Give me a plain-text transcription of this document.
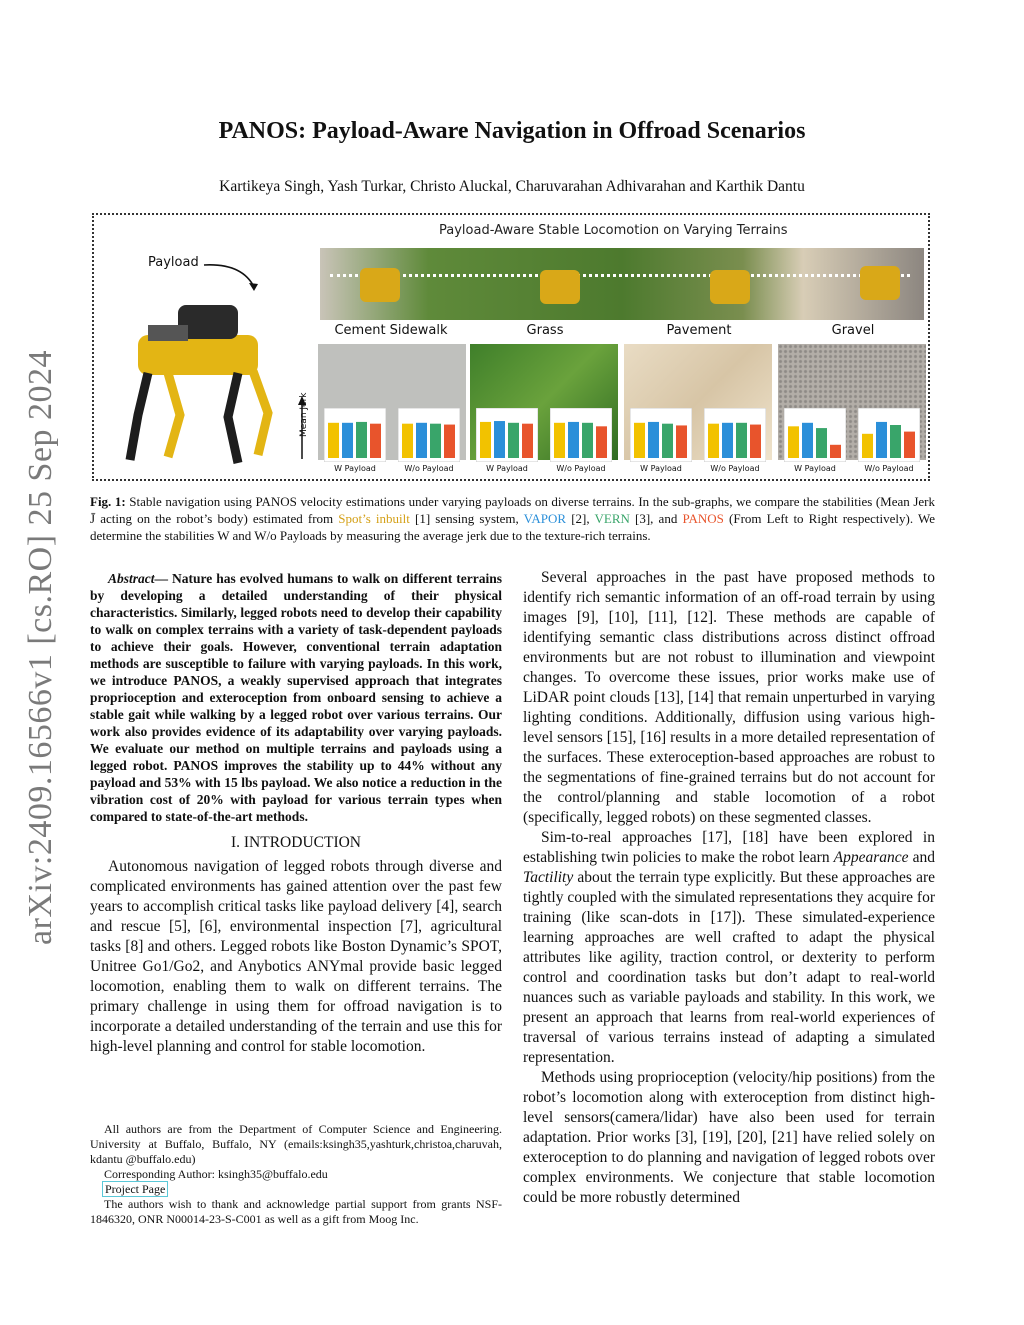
PANOS: Payload-Aware Navigation in Offroad Scenarios
Kartikeya Singh, Yash Turkar, Christo Aluckal, Charuvarahan Adhivarahan and Karthik Dantu
arXiv:2409.16566v1 [cs.RO] 25 Sep 2024
Payload-Aware Stable Locomotion on Varying Terrains
Payload
Cement Sidewalk	Grass	Pavement	Gravel
Mean Jerk
W Payload	W/o Payload	W Payload	W/o Payload	W Payload	W/o Payload	W Payload	W/o Payload
Fig. 1: Stable navigation using PANOS velocity estimations under varying payloads on diverse terrains. In the sub-graphs, we compare the stabilities (Mean Jerk J̄ acting on the robot’s body) estimated from Spot’s inbuilt [1] sensing system, VAPOR [2], VERN [3], and PANOS (From Left to Right respectively). We determine the stabilities W and W/o Payloads by measuring the average jerk due to the texture-rich terrains.
Abstract— Nature has evolved humans to walk on different terrains by developing a detailed understanding of their physical characteristics. Similarly, legged robots need to develop their capability to walk on complex terrains with a variety of task-dependent payloads to achieve their goals. However, conventional terrain adaptation methods are susceptible to failure with varying payloads. In this work, we introduce PANOS, a weakly supervised approach that integrates proprioception and exteroception from onboard sensing to achieve a stable gait while walking by a legged robot over various terrains. Our work also provides evidence of its adaptability over varying payloads. We evaluate our method on multiple terrains and payloads using a legged robot. PANOS improves the stability up to 44% without any payload and 53% with 15 lbs payload. We also notice a reduction in the vibration cost of 20% with payload for various terrain types when compared to state-of-the-art methods.
I. INTRODUCTION
Autonomous navigation of legged robots through diverse and complicated environments has gained attention over the past few years to accomplish critical tasks like payload delivery [4], search and rescue [5], [6], environmental inspection [7], agricultural tasks [8] and others. Legged robots like Boston Dynamic’s SPOT, Unitree Go1/Go2, and Anybotics ANYmal provide basic legged locomotion, enabling them to walk on different terrains. The primary challenge in using them for offroad navigation is to incorporate a detailed understanding of the terrain and use this for high-level planning and control for stable locomotion.
All authors are from the Department of Computer Science and Engineering. University at Buffalo, Buffalo, NY (emails:ksingh35,yashturk,christoa,charuvah, kdantu @buffalo.edu)
Corresponding Author: ksingh35@buffalo.edu
Project Page
The authors wish to thank and acknowledge partial support from grants NSF-1846320, ONR N00014-23-S-C001 as well as a gift from Moog Inc.
Several approaches in the past have proposed methods to identify rich semantic information of an off-road terrain by using images [9], [10], [11], [12]. These methods are capable of identifying semantic class distributions across distinct offroad environments but are not robust to illumination and viewpoint changes. To overcome these issues, prior works make use of LiDAR point clouds [13], [14] that remain unperturbed in varying lighting conditions. Additionally, diffusion using various high-level sensors [15], [16] results in a more detailed representation of the surfaces. These exteroception-based approaches are robust to the segmentations of fine-grained terrains but do not account for the control/planning and stable locomotion of a robot (specifically, legged robots) on these segmented classes.
Sim-to-real approaches [17], [18] have been explored in establishing twin policies to make the robot learn Appearance and Tactility about the terrain type explicitly. But these approaches are tightly coupled with the simulated representations they acquire for training (like scan-dots in [17]). These simulated-experience learning approaches are well crafted to adapt the physical attributes like agility, traction control, or dexterity to perform control and coordination tasks but don’t adapt to real-world nuances such as variable payloads and stability. In this work, we present an approach that learns from real-world experiences of traversal of various terrains instead of adapting a simulated representation.
Methods using proprioception (velocity/hip positions) from the robot’s locomotion along with exteroception from distinct high-level sensors(camera/lidar) have also been used for terrain adaptation. Prior works [3], [19], [20], [21] have relied solely on exteroception to do planning and navigation of legged robots over complex environments. We conjecture that stable locomotion could be more robustly determined
